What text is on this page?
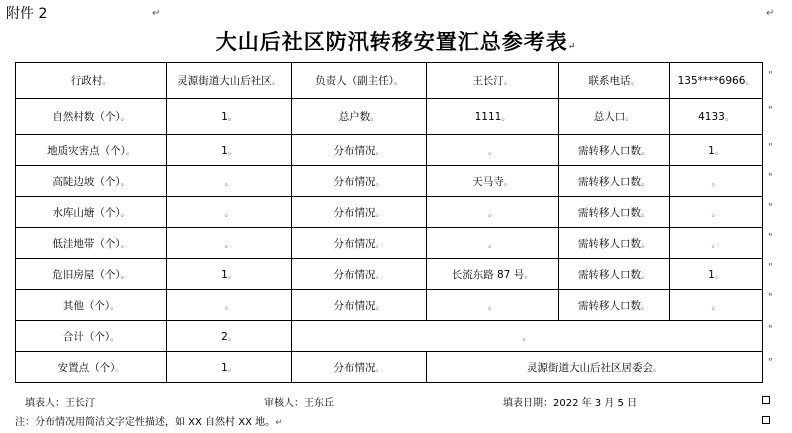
附件 2	↵	↵
大山后社区防汛转移安置汇总参考表↵
行政村。	灵源街道大山后社区。	负责人（副主任）。	王长汀。	联系电话。	135****6966。
自然村数（个）。	1。	总户数。	1111。	总人口。	4133。
地质灾害点（个）。	1。	分布情况。	。	需转移人口数。	1。
高陡边坡（个）。	。	分布情况。	天马寺。	需转移人口数。	。
水库山塘（个）。	。	分布情况。	。	需转移人口数。	。
低洼地带（个）。	。	分布情况。	。	需转移人口数。	。
危旧房屋（个）。	1。	分布情况。	长流东路 87 号。	需转移人口数。	1。
其他（个）。	。	分布情况。	。	需转移人口数。	。
合计（个）。	2。	。			
安置点（个）。	1。	分布情况。	灵源街道大山后社区居委会。		
"
"
"
"
"
"
"
"
"
"
填表人：王长汀	审核人：王东丘	填表日期：2022 年 3 月 5 日
注：分布情况用简洁文字定性描述，如 XX 自然村 XX 地。↵
